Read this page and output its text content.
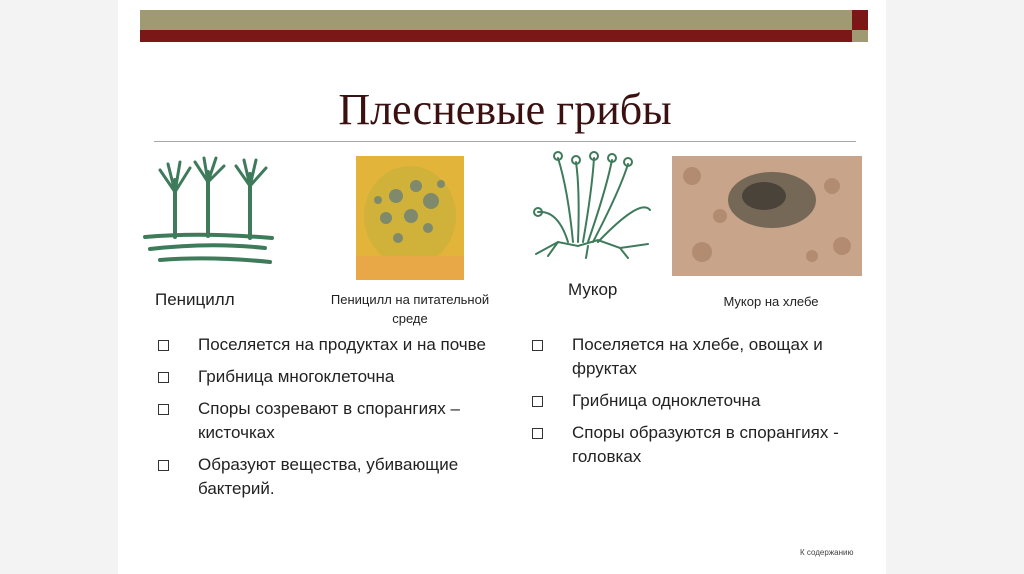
Плесневые грибы
Пеницилл	Пеницилл на питательной среде
Мукор
Мукор на хлебе
Поселяется на продуктах и на почве
Грибница многоклеточна
Споры созревают в спорангиях – кисточках
Образуют вещества, убивающие бактерий.
Поселяется на хлебе, овощах и фруктах
Грибница одноклеточна
Споры образуются в спорангиях - головках
К содержанию
